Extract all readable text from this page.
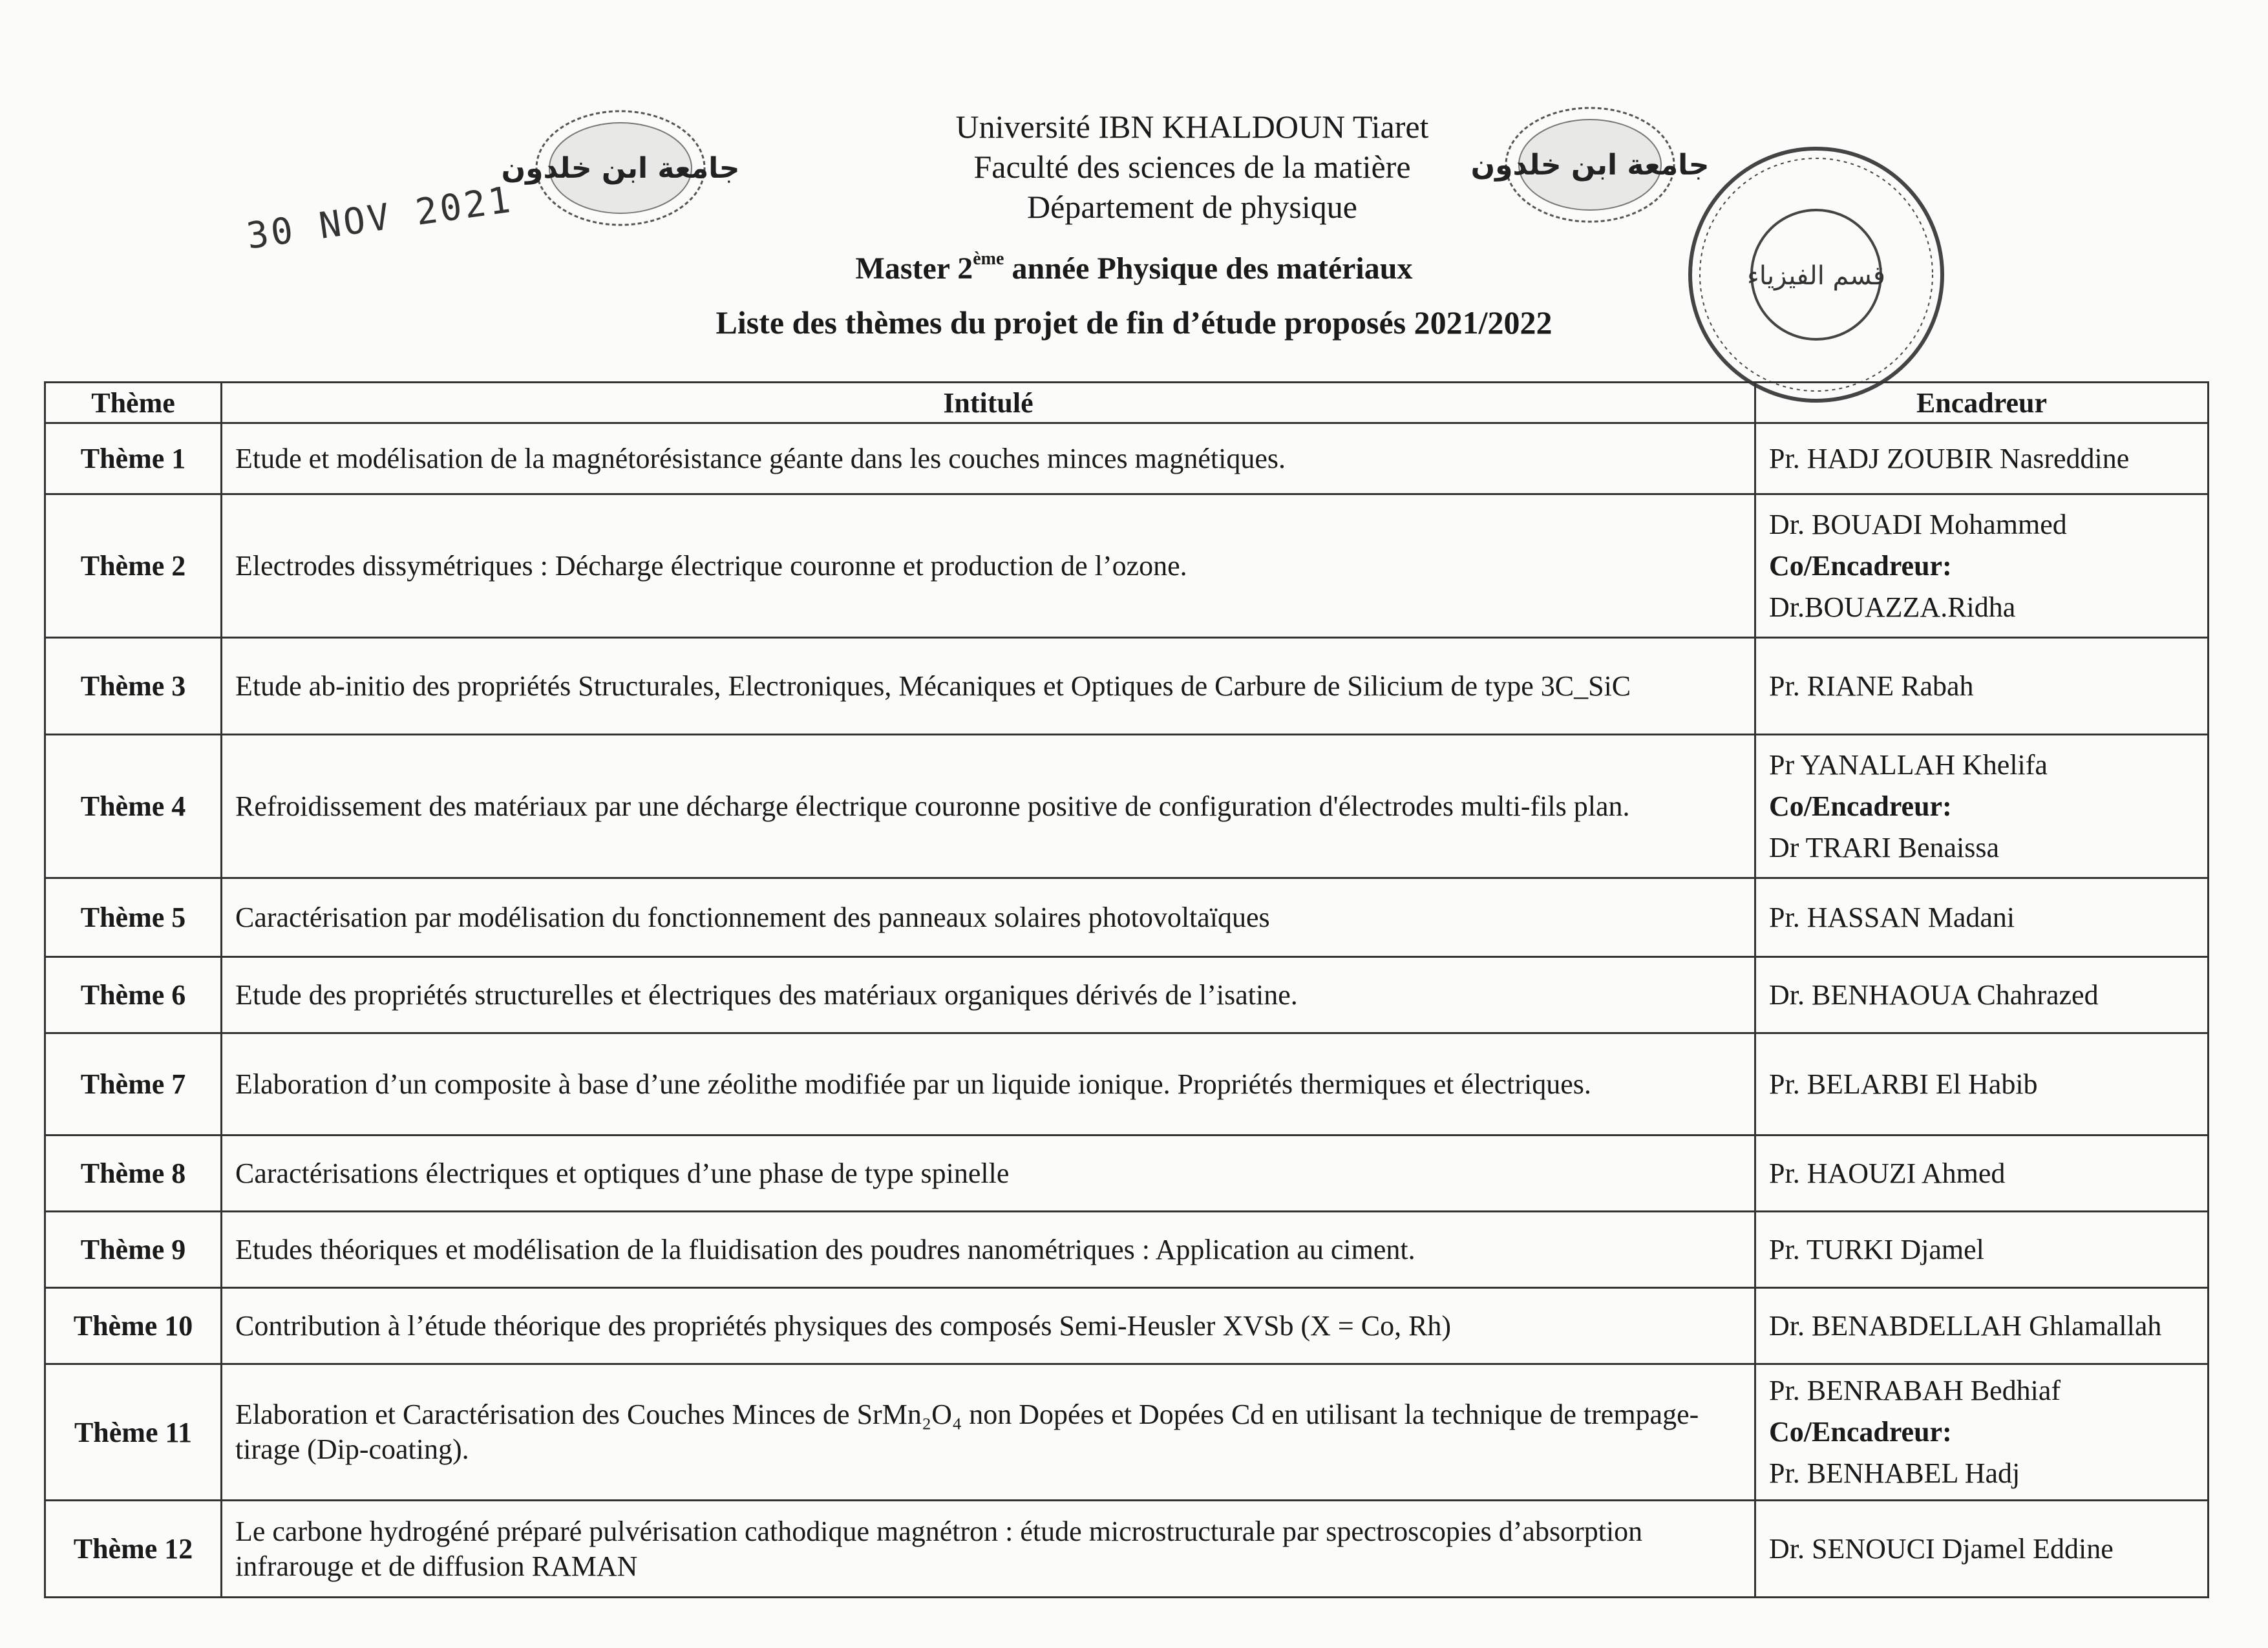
30 NOV 2021
جامعة ابن خلدون	جامعة ابن خلدون
قسم الفيزياء
Université IBN KHALDOUN Tiaret
Faculté des sciences de la matière
Département de physique
Master 2ème année Physique des matériaux
Liste des thèmes du projet de fin d’étude proposés 2021/2022
Thème	Intitulé	Encadreur
Thème 1	Etude et modélisation de la magnétorésistance géante dans les couches minces magnétiques.	Pr. HADJ ZOUBIR Nasreddine
Thème 2	Electrodes dissymétriques : Décharge électrique couronne et production de l’ozone.	Dr. BOUADI Mohammed
Co/Encadreur:
Dr.BOUAZZA.Ridha

Thème 3	Etude ab-initio des propriétés Structurales, Electroniques, Mécaniques et Optiques de Carbure de Silicium de type 3C_SiC	Pr. RIANE Rabah
Thème 4	Refroidissement des matériaux par une décharge électrique couronne positive de configuration d'électrodes multi-fils plan.	Pr YANALLAH Khelifa
Co/Encadreur:
Dr TRARI Benaissa

Thème 5	Caractérisation par modélisation du fonctionnement des panneaux solaires photovoltaïques	Pr. HASSAN Madani
Thème 6	Etude des propriétés structurelles et électriques des matériaux organiques dérivés de l’isatine.	Dr. BENHAOUA Chahrazed
Thème 7	Elaboration d’un composite à base d’une zéolithe modifiée par un liquide ionique. Propriétés thermiques et électriques.	Pr. BELARBI El Habib
Thème 8	Caractérisations électriques et optiques d’une phase de type spinelle	Pr. HAOUZI Ahmed
Thème 9	Etudes théoriques et modélisation de la fluidisation des poudres nanométriques : Application au ciment.	Pr. TURKI Djamel
Thème 10	Contribution à l’étude théorique des propriétés physiques des composés Semi-Heusler XVSb (X = Co, Rh)	Dr. BENABDELLAH Ghlamallah
Thème 11	Elaboration et Caractérisation des Couches Minces de SrMn₂O₄ non Dopées et Dopées Cd en utilisant la technique de trempage-tirage (Dip-coating).	Pr. BENRABAH Bedhiaf
Co/Encadreur:
Pr. BENHABEL Hadj

Thème 12	Le carbone hydrogéné préparé pulvérisation cathodique magnétron : étude microstructurale par spectroscopies d’absorption infrarouge et de diffusion RAMAN	Dr. SENOUCI Djamel Eddine
